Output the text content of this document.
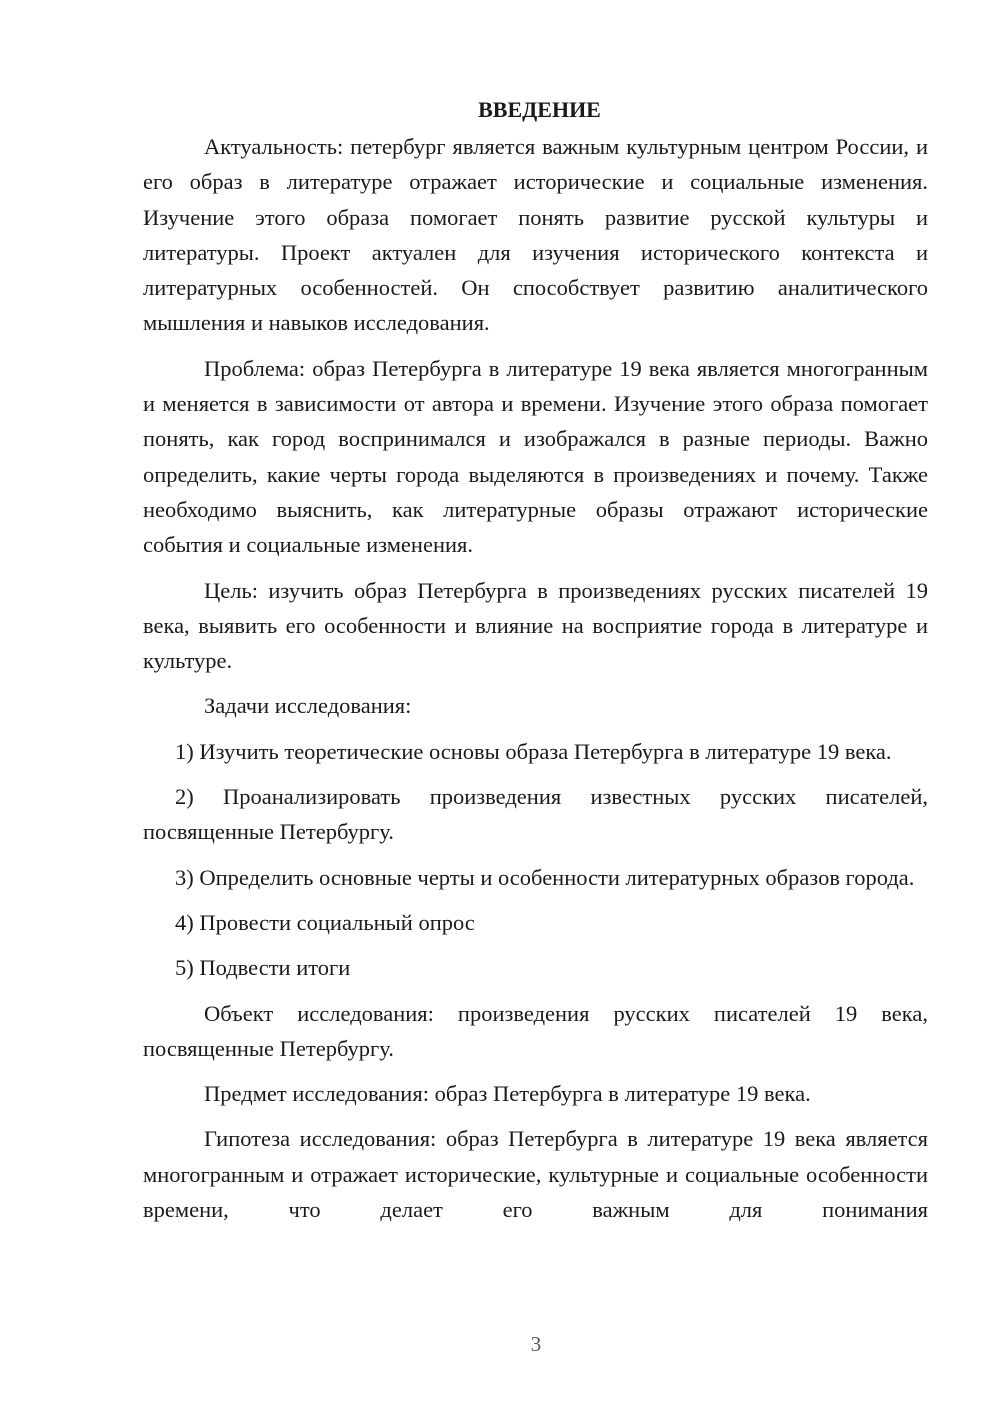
ВВЕДЕНИЕ

Актуальность: петербург является важным культурным центром России, и его образ в литературе отражает исторические и социальные изменения. Изучение этого образа помогает понять развитие русской культуры и литературы. Проект актуален для изучения исторического контекста и литературных особенностей. Он способствует развитию аналитического мышления и навыков исследования.

Проблема: образ Петербурга в литературе 19 века является многогранным и меняется в зависимости от автора и времени. Изучение этого образа помогает понять, как город воспринимался и изображался в разные периоды. Важно определить, какие черты города выделяются в произведениях и почему. Также необходимо выяснить, как литературные образы отражают исторические события и социальные изменения.

Цель: изучить образ Петербурга в произведениях русских писателей 19 века, выявить его особенности и влияние на восприятие города в литературе и культуре.

Задачи исследования:

1) Изучить теоретические основы образа Петербурга в литературе 19 века.

2) Проанализировать произведения известных русских писателей, посвященные Петербургу.

3) Определить основные черты и особенности литературных образов города.

4) Провести социальный опрос

5) Подвести итоги

Объект исследования: произведения русских писателей 19 века, посвященные Петербургу.

Предмет исследования: образ Петербурга в литературе 19 века.

Гипотеза исследования: образ Петербурга в литературе 19 века является многогранным и отражает исторические, культурные и социальные особенности времени, что делает его важным для понимания

3
